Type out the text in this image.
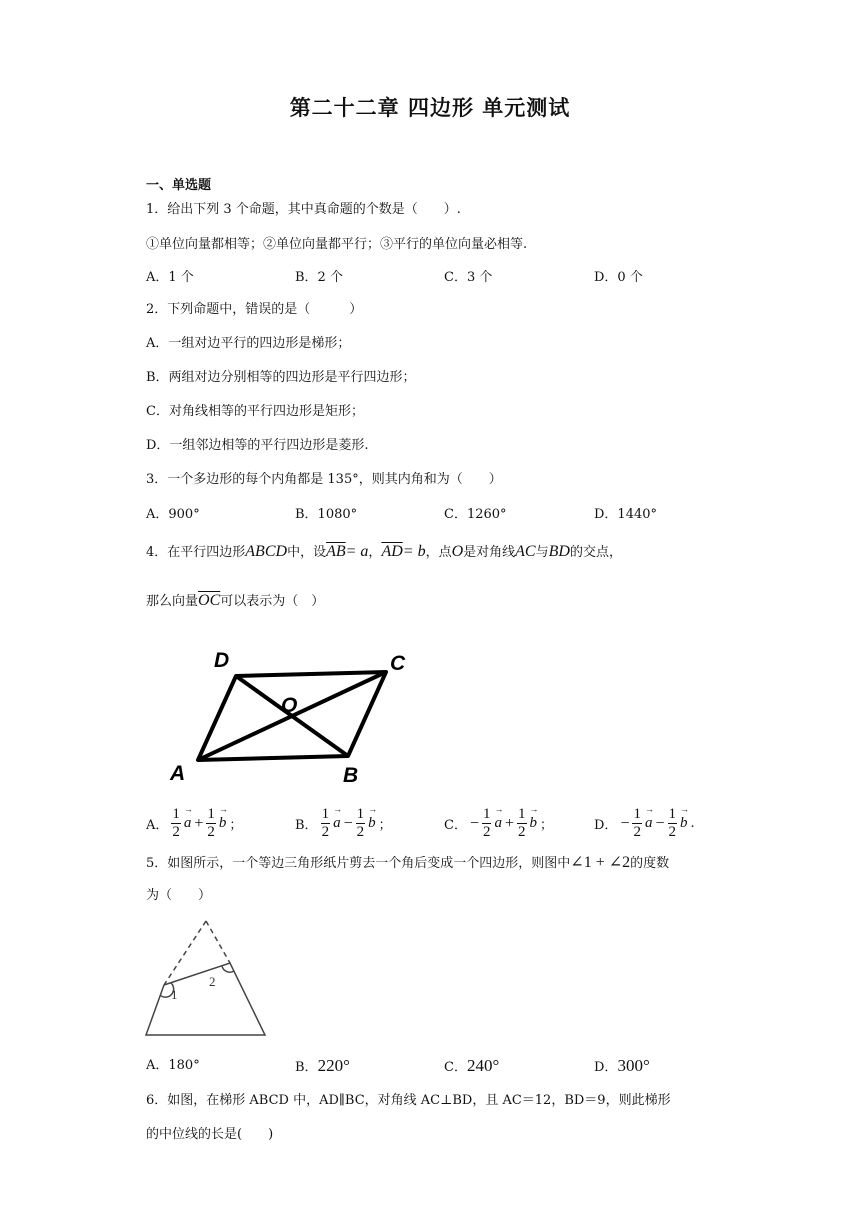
第二十二章 四边形 单元测试
一、单选题
1．给出下列 3 个命题，其中真命题的个数是（　　）.
①单位向量都相等；②单位向量都平行；③平行的单位向量必相等.
A．1 个	B．2 个	C．3 个	D．0 个
2．下列命题中，错误的是（　　　）
A．一组对边平行的四边形是梯形；
B．两组对边分别相等的四边形是平行四边形；
C．对角线相等的平行四边形是矩形；
D．一组邻边相等的平行四边形是菱形.
3．一个多边形的每个内角都是 135°，则其内角和为（　　）
A．900°	B．1080°	C．1260°	D．1440°
4．在平行四边形ABCD中，设$\overline{AB}= a$，$\overline{AD}= b$，点O是对角线AC与BD的交点，
那么向量$\overline{OC}$可以表示为（　）
D	C
O
A	B
A． $\frac{1}{2} \to a + \frac{1}{2} \to b$ ；	B． $\frac{1}{2} \to a - \frac{1}{2} \to b$ ；	C． − $\frac{1}{2} \to a + \frac{1}{2} \to b$ ；	D． − $\frac{1}{2} \to a - \frac{1}{2} \to b$ .
5．如图所示，一个等边三角形纸片剪去一个角后变成一个四边形，则图中∠1 + ∠2的度数
为（　　）
1
2
A．180°	B．220°	C．240°	D．300°
6．如图，在梯形 ABCD 中，AD∥BC，对角线 AC⊥BD，且 AC＝12，BD＝9，则此梯形
的中位线的长是(　　)
